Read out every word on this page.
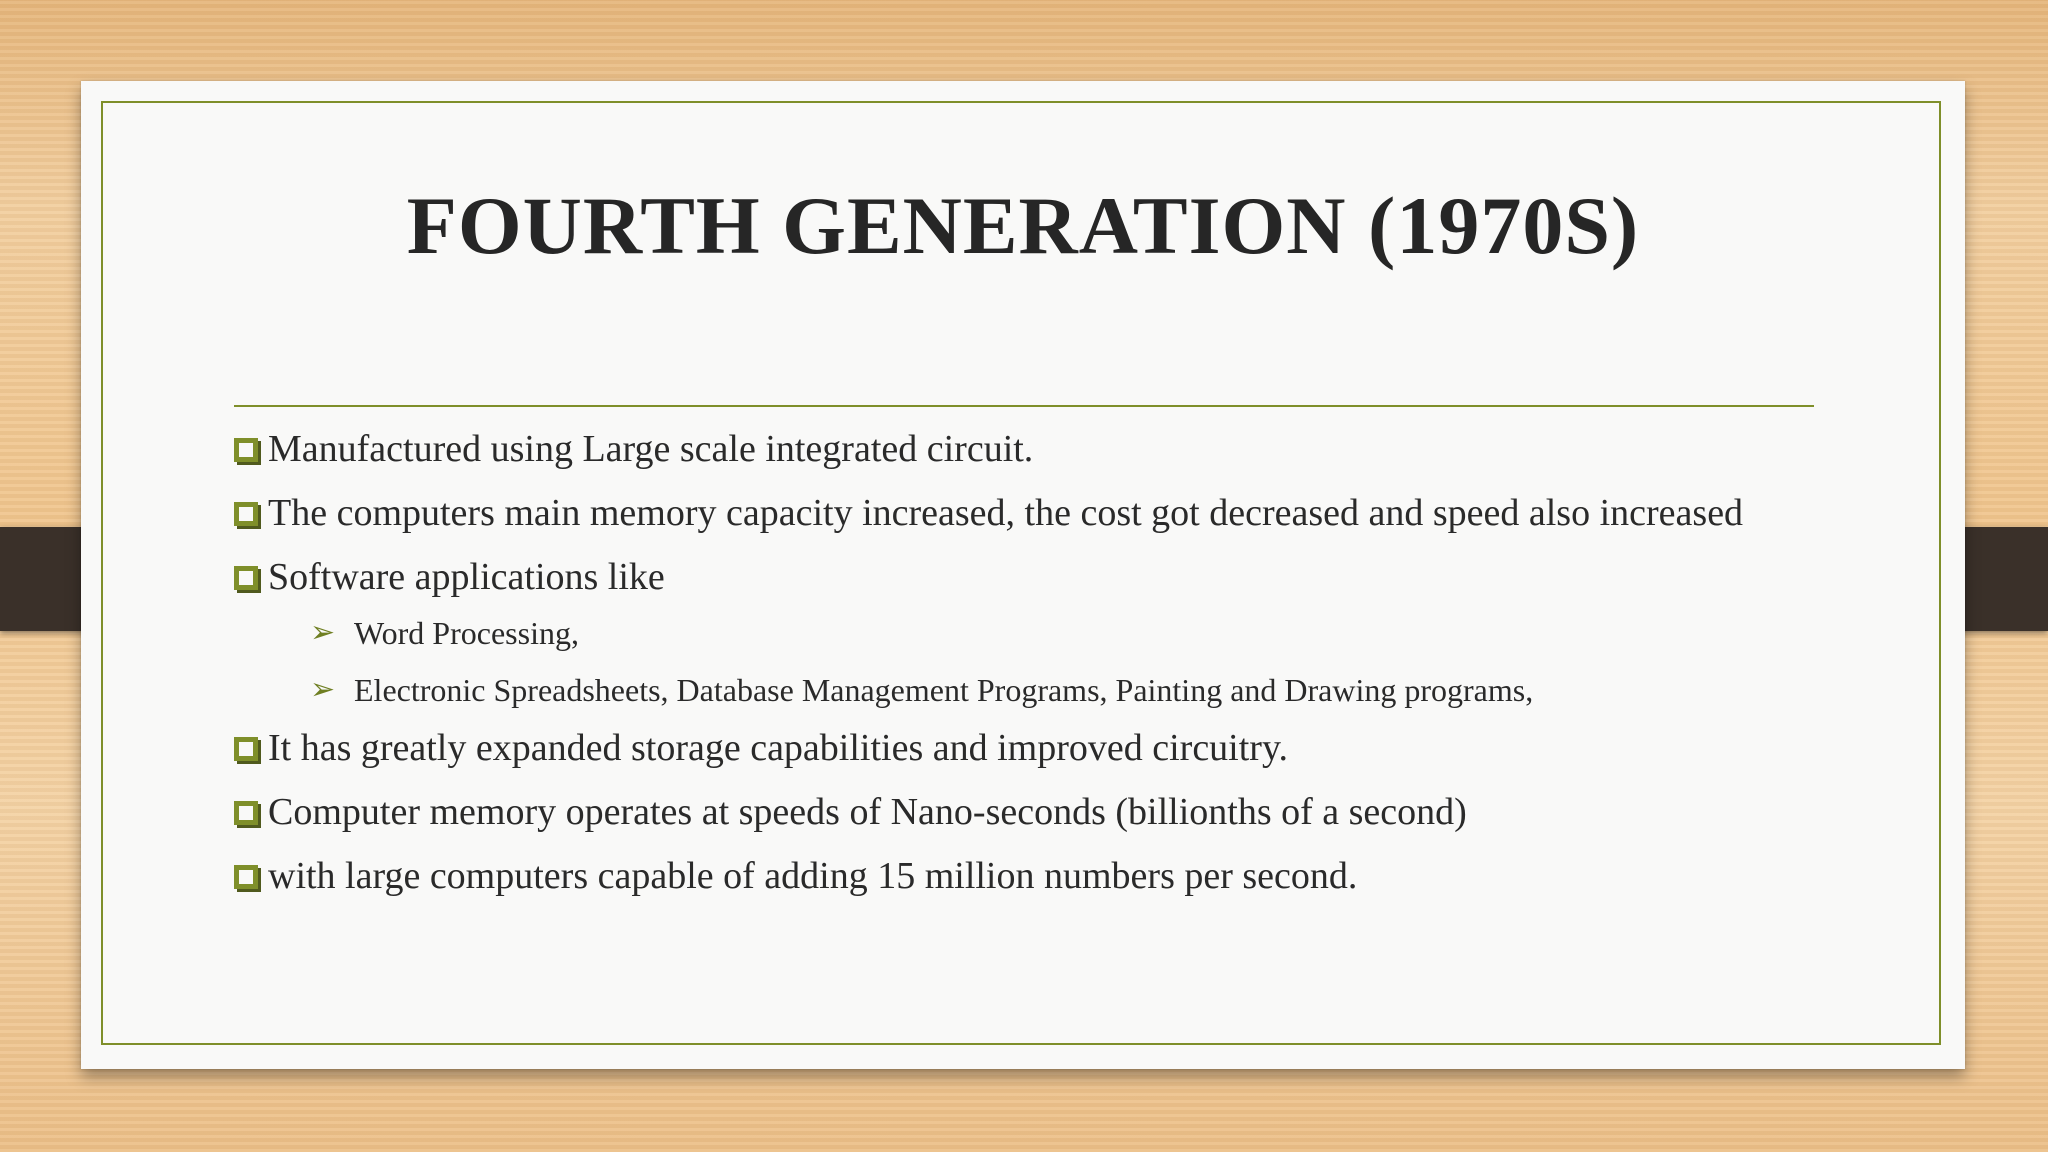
FOURTH GENERATION (1970S)
Manufactured using Large scale integrated circuit.
The computers main memory capacity increased, the cost got decreased and speed also increased
Software applications like
➢ Word Processing,
➢ Electronic Spreadsheets, Database Management Programs, Painting and Drawing programs,
It has greatly expanded storage capabilities and improved circuitry.
Computer memory operates at speeds of Nano-seconds (billionths of a second)
with large computers capable of adding 15 million numbers per second.
